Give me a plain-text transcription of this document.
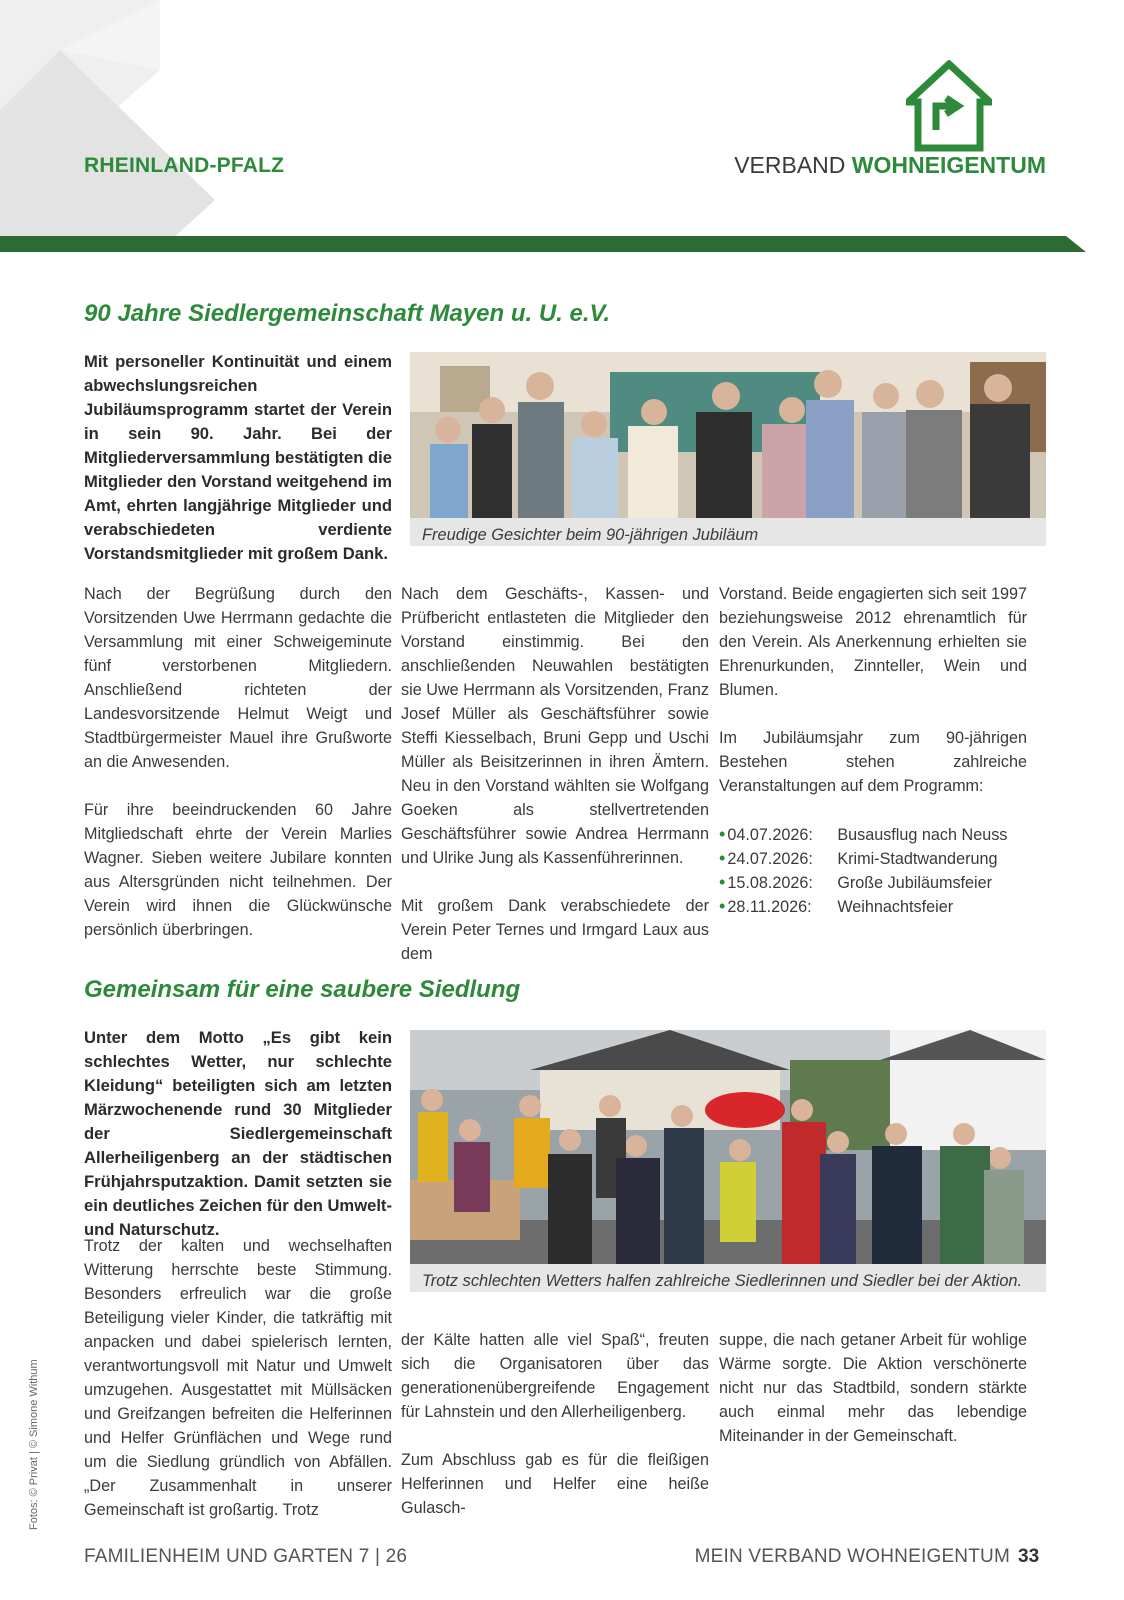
RHEINLAND-PFALZ	VERBAND WOHNEIGENTUM
90 Jahre Siedlergemeinschaft Mayen u. U. e.V.

Mit personeller Kontinuität und einem abwechslungsreichen Jubiläumsprogramm startet der Verein in sein 90. Jahr. Bei der Mitgliederversammlung bestätigten die Mitglieder den Vorstand weitgehend im Amt, ehrten langjährige Mitglieder und verabschiedeten verdiente Vorstandsmitglieder mit großem Dank.

Freudige Gesichter beim 90-jährigen Jubiläum

Nach der Begrüßung durch den Vorsitzenden Uwe Herrmann gedachte die Versammlung mit einer Schweigeminute fünf verstorbenen Mitgliedern. Anschließend richteten der Landesvorsitzende Helmut Weigt und Stadtbürgermeister Mauel ihre Grußworte an die Anwesenden.

Für ihre beeindruckenden 60 Jahre Mitgliedschaft ehrte der Verein Marlies Wagner. Sieben weitere Jubilare konnten aus Altersgründen nicht teilnehmen. Der Verein wird ihnen die Glückwünsche persönlich überbringen.

Nach dem Geschäfts-, Kassen- und Prüfbericht entlasteten die Mitglieder den Vorstand einstimmig. Bei den anschließenden Neuwahlen bestätigten sie Uwe Herrmann als Vorsitzenden, Franz Josef Müller als Geschäftsführer sowie Steffi Kiesselbach, Bruni Gepp und Uschi Müller als Beisitzerinnen in ihren Ämtern. Neu in den Vorstand wählten sie Wolfgang Goeken als stellvertretenden Geschäftsführer sowie Andrea Herrmann und Ulrike Jung als Kassenführerinnen.

Mit großem Dank verabschiedete der Verein Peter Ternes und Irmgard Laux aus dem

Vorstand. Beide engagierten sich seit 1997 beziehungsweise 2012 ehrenamtlich für den Verein. Als Anerkennung erhielten sie Ehrenurkunden, Zinnteller, Wein und Blumen.

Im Jubiläumsjahr zum 90-jährigen Bestehen stehen zahlreiche Veranstaltungen auf dem Programm:

• 04.07.2026: Busausflug nach Neuss
• 24.07.2026: Krimi-Stadtwanderung
• 15.08.2026: Große Jubiläumsfeier
• 28.11.2026: Weihnachtsfeier
Gemeinsam für eine saubere Siedlung

Unter dem Motto „Es gibt kein schlechtes Wetter, nur schlechte Kleidung“ beteiligten sich am letzten Märzwochenende rund 30 Mitglieder der Siedlergemeinschaft Allerheiligenberg an der städtischen Frühjahrsputzaktion. Damit setzten sie ein deutliches Zeichen für den Umwelt- und Naturschutz.

Trotz schlechten Wetters halfen zahlreiche Siedlerinnen und Siedler bei der Aktion.

Trotz der kalten und wechselhaften Witterung herrschte beste Stimmung. Besonders erfreulich war die große Beteiligung vieler Kinder, die tatkräftig mit anpacken und dabei spielerisch lernten, verantwortungsvoll mit Natur und Umwelt umzugehen. Ausgestattet mit Müllsäcken und Greifzangen befreiten die Helferinnen und Helfer Grünflächen und Wege rund um die Siedlung gründlich von Abfällen. „Der Zusammenhalt in unserer Gemeinschaft ist großartig. Trotz

der Kälte hatten alle viel Spaß“, freuten sich die Organisatoren über das generationenübergreifende Engagement für Lahnstein und den Allerheiligenberg.

Zum Abschluss gab es für die fleißigen Helferinnen und Helfer eine heiße Gulasch-

suppe, die nach getaner Arbeit für wohlige Wärme sorgte. Die Aktion verschönerte nicht nur das Stadtbild, sondern stärkte auch einmal mehr das lebendige Miteinander in der Gemeinschaft.

Fotos: © Privat | © Simone Withum
FAMILIENHEIM UND GARTEN 7 | 26	MEIN VERBAND WOHNEIGENTUM 33
